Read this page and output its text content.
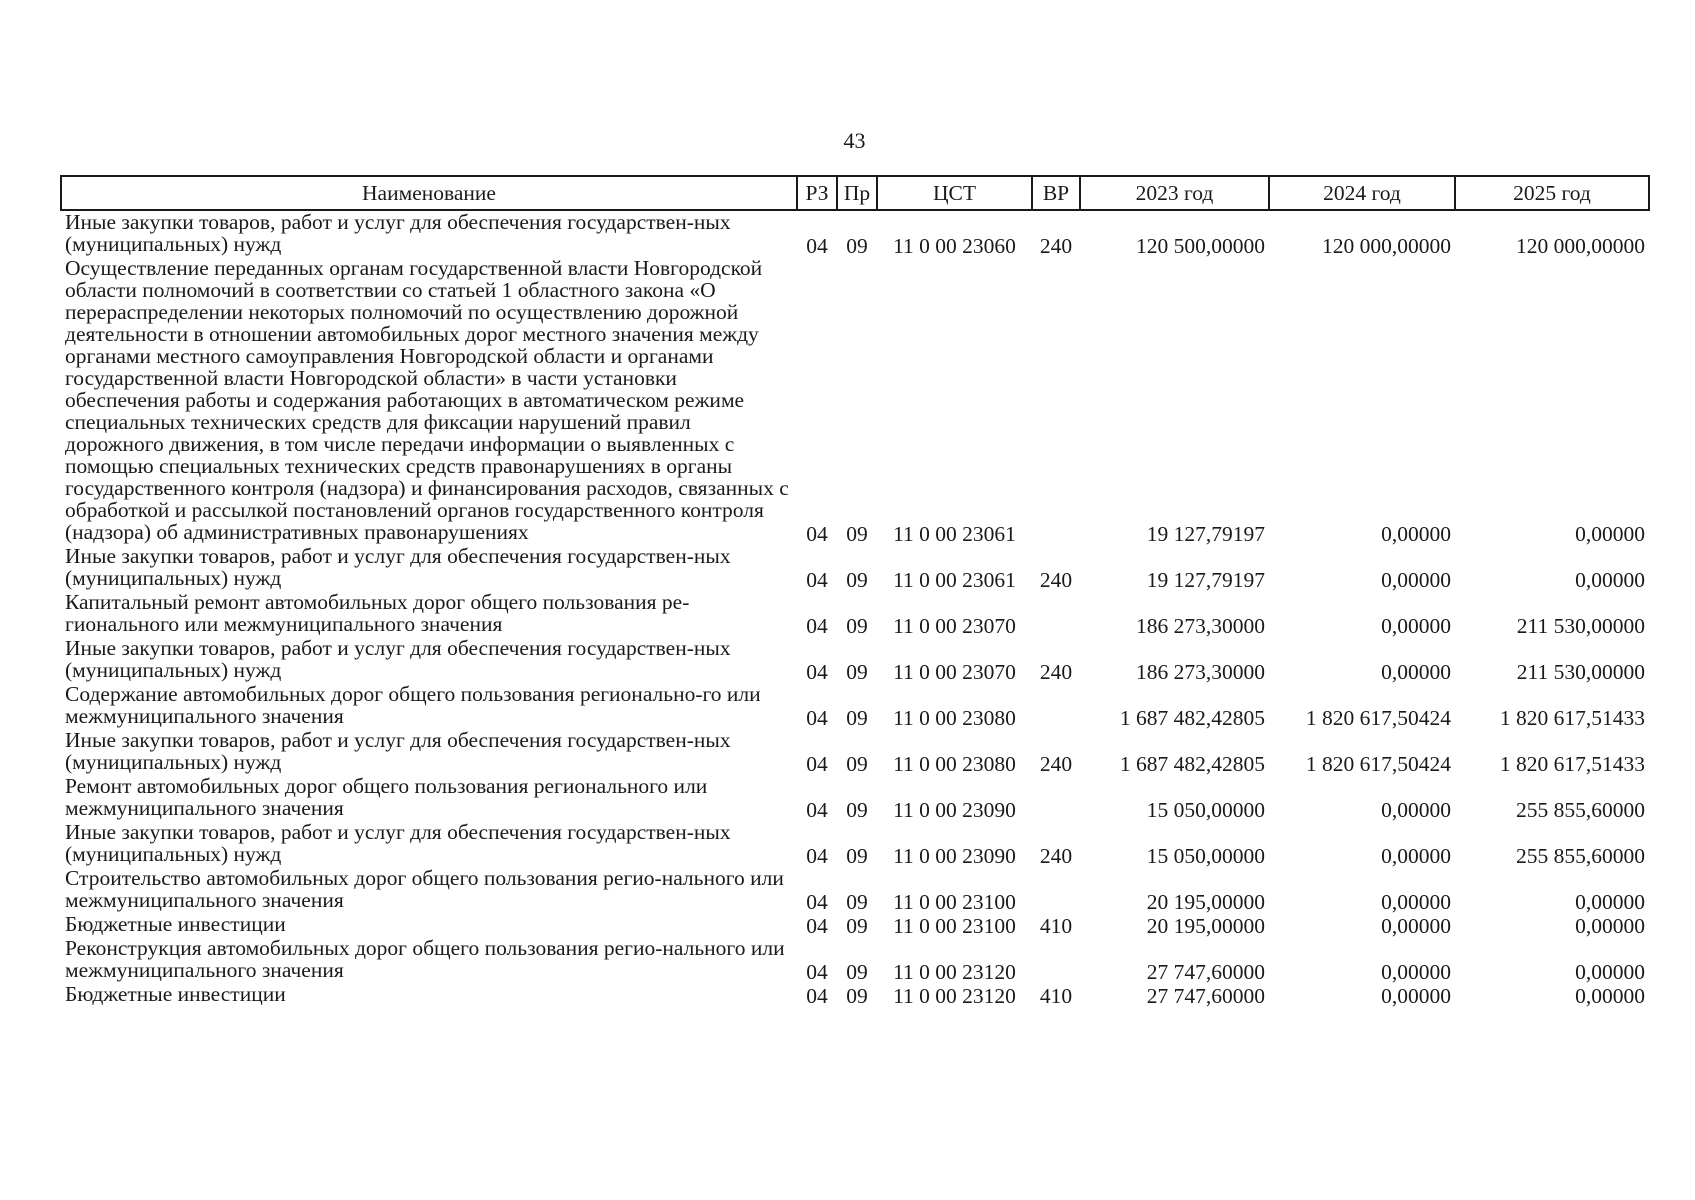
43
Наименование	РЗ	Пр	ЦСТ	ВР	2023 год	2024 год	2025 год
Иные закупки товаров, работ и услуг для обеспечения государствен-ных (муниципальных) нужд	04	09	11 0 00 23060	240	120 500,00000	120 000,00000	120 000,00000
Осуществление переданных органам государственной власти Новгородской области полномочий в соответствии со статьей 1 областного закона «О перераспределении некоторых полномочий по осуществлению дорожной деятельности в отношении автомобильных дорог местного значения между органами местного самоуправления Новгородской области и органами государственной власти Новгородской области» в части установки обеспечения работы и содержания работающих в автоматическом режиме специальных технических средств для фиксации нарушений правил дорожного движения, в том числе передачи информации о выявленных с помощью специальных технических средств правонарушениях в органы государственного контроля (надзора) и финансирования расходов, связанных с обработкой и рассылкой постановлений органов государственного контроля (надзора) об административных правонарушениях	04	09	11 0 00 23061		19 127,79197	0,00000	0,00000
Иные закупки товаров, работ и услуг для обеспечения государствен-ных (муниципальных) нужд	04	09	11 0 00 23061	240	19 127,79197	0,00000	0,00000
Капитальный ремонт автомобильных дорог общего пользования ре-гионального или межмуниципального значения	04	09	11 0 00 23070		186 273,30000	0,00000	211 530,00000
Иные закупки товаров, работ и услуг для обеспечения государствен-ных (муниципальных) нужд	04	09	11 0 00 23070	240	186 273,30000	0,00000	211 530,00000
Содержание автомобильных дорог общего пользования регионально-го или межмуниципального значения	04	09	11 0 00 23080		1 687 482,42805	1 820 617,50424	1 820 617,51433
Иные закупки товаров, работ и услуг для обеспечения государствен-ных (муниципальных) нужд	04	09	11 0 00 23080	240	1 687 482,42805	1 820 617,50424	1 820 617,51433
Ремонт автомобильных дорог общего пользования регионального или межмуниципального значения	04	09	11 0 00 23090		15 050,00000	0,00000	255 855,60000
Иные закупки товаров, работ и услуг для обеспечения государствен-ных (муниципальных) нужд	04	09	11 0 00 23090	240	15 050,00000	0,00000	255 855,60000
Строительство автомобильных дорог общего пользования регио-нального или межмуниципального значения	04	09	11 0 00 23100		20 195,00000	0,00000	0,00000
Бюджетные инвестиции	04	09	11 0 00 23100	410	20 195,00000	0,00000	0,00000
Реконструкция автомобильных дорог общего пользования регио-нального или межмуниципального значения	04	09	11 0 00 23120		27 747,60000	0,00000	0,00000
Бюджетные инвестиции	04	09	11 0 00 23120	410	27 747,60000	0,00000	0,00000
